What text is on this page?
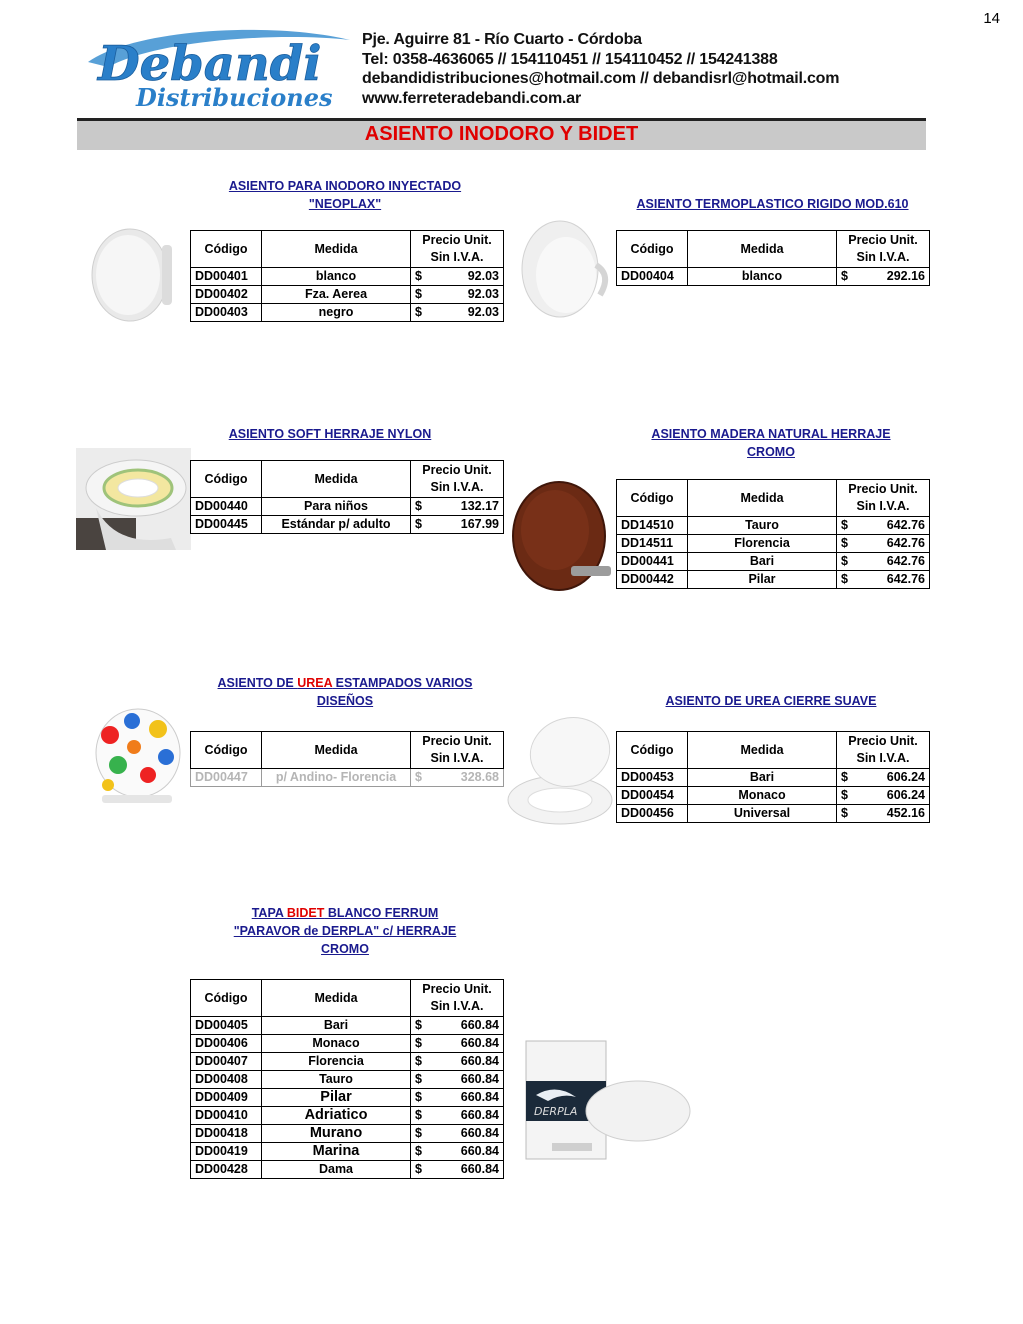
14
Debandi
Distribuciones
Pje. Aguirre 81 - Río Cuarto - Córdoba
Tel: 0358-4636065 // 154110451 // 154110452 // 154241388
debandidistribuciones@hotmail.com // debandisrl@hotmail.com
www.ferreteradebandi.com.ar
ASIENTO INODORO Y BIDET
ASIENTO PARA INODORO INYECTADO
"NEOPLAX"
Código	Medida	Precio Unit.
Sin I.V.A.

DD00401	blanco	$ 92.03

DD00402	Fza. Aerea	$ 92.03

DD00403	negro	$ 92.03
ASIENTO TERMOPLASTICO RIGIDO MOD.610
Código	Medida	Precio Unit.
Sin I.V.A.

DD00404	blanco	$ 292.16
ASIENTO SOFT HERRAJE NYLON
Código	Medida	Precio Unit.
Sin I.V.A.

DD00440	Para niños	$ 132.17

DD00445	Estándar p/ adulto	$ 167.99
ASIENTO MADERA NATURAL HERRAJE
CROMO
Código	Medida	Precio Unit.
Sin I.V.A.

DD14510	Tauro	$ 642.76

DD14511	Florencia	$ 642.76

DD00441	Bari	$ 642.76

DD00442	Pilar	$ 642.76
ASIENTO DE UREA ESTAMPADOS VARIOS
DISEÑOS
Código	Medida	Precio Unit.
Sin I.V.A.

DD00447	p/ Andino- Florencia	$ 328.68
ASIENTO DE UREA CIERRE SUAVE
Código	Medida	Precio Unit.
Sin I.V.A.

DD00453	Bari	$ 606.24

DD00454	Monaco	$ 606.24

DD00456	Universal	$ 452.16
TAPA BIDET BLANCO FERRUM
"PARAVOR de DERPLA" c/ HERRAJE
CROMO
Código	Medida	Precio Unit.
Sin I.V.A.

DD00405	Bari	$ 660.84

DD00406	Monaco	$ 660.84

DD00407	Florencia	$ 660.84

DD00408	Tauro	$ 660.84

DD00409	Pilar	$ 660.84

DD00410	Adriatico	$ 660.84

DD00418	Murano	$ 660.84

DD00419	Marina	$ 660.84

DD00428	Dama	$ 660.84
DERPLA
